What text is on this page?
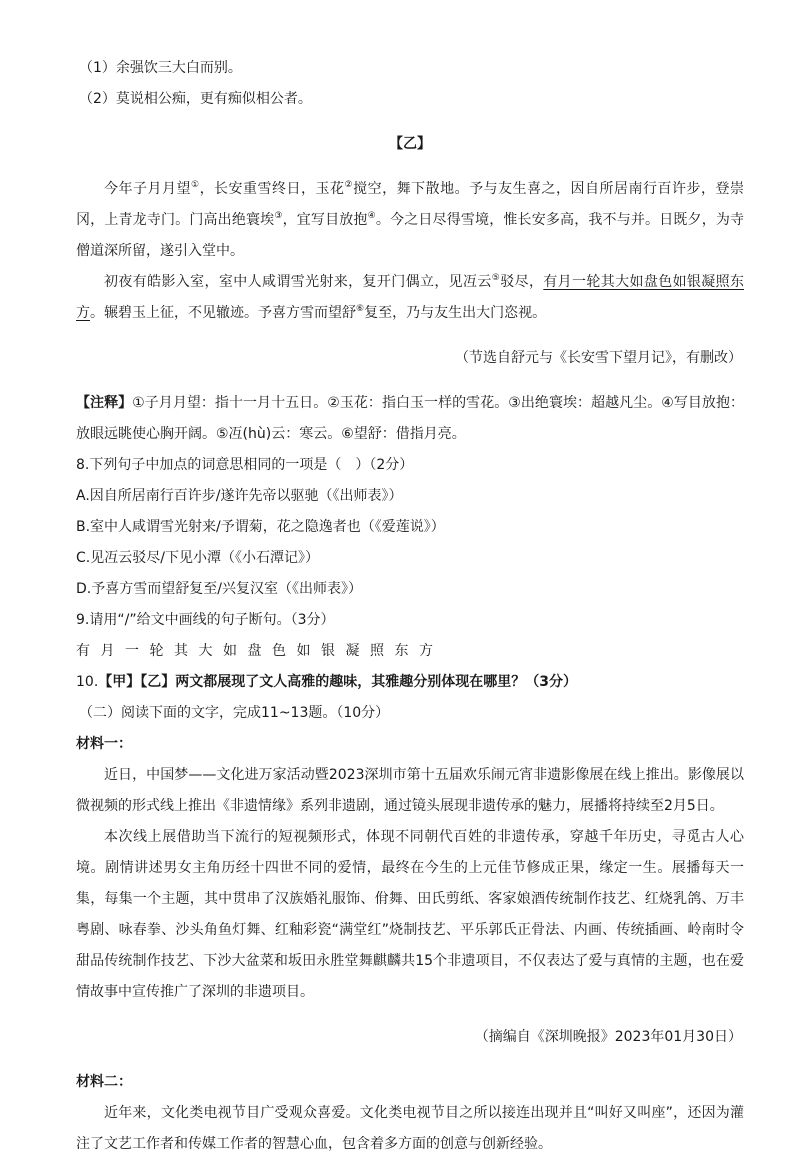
（1）余强饮三大白而别。

（2）莫说相公痴，更有痴似相公者。

【乙】

今年子月月望①，长安重雪终日，玉花②搅空，舞下散地。予与友生喜之，因自所居南行百许步，登崇冈，上青龙寺门。门高出绝寰埃③，宜写目放抱④。今之日尽得雪境，惟长安多高，我不与并。日既夕，为寺僧道深所留，遂引入堂中。

初夜有皓影入室，室中人咸谓雪光射来，复开门偶立，见冱云⑤驳尽，有月一轮其大如盘色如银凝照东方。辗碧玉上征，不见辙迹。予喜方雪而望舒⑥复至，乃与友生出大门恣视。

（节选自舒元与《长安雪下望月记》，有删改）

【注释】①子月月望：指十一月十五日。②玉花：指白玉一样的雪花。③出绝寰埃：超越凡尘。④写目放抱：放眼远眺使心胸开阔。⑤冱(hù)云：寒云。⑥望舒：借指月亮。

8.下列句子中加点的词意思相同的一项是（　）（2分）

A.因自所居南行百许步/遂许先帝以驱驰（《出师表》）

B.室中人咸谓雪光射来/予谓菊，花之隐逸者也（《爱莲说》）

C.见冱云驳尽/下见小潭（《小石潭记》）

D.予喜方雪而望舒复至/兴复汉室（《出师表》）

9.请用“/”给文中画线的句子断句。（3分）

有月一轮其大如盘色如银凝照东方

10.【甲】【乙】两文都展现了文人高雅的趣味，其雅趣分别体现在哪里？（3分）

（二）阅读下面的文字，完成11~13题。（10分）

材料一：

近日，中国梦——文化进万家活动暨2023深圳市第十五届欢乐闹元宵非遗影像展在线上推出。影像展以微视频的形式线上推出《非遗情缘》系列非遗剧，通过镜头展现非遗传承的魅力，展播将持续至2月5日。

本次线上展借助当下流行的短视频形式，体现不同朝代百姓的非遗传承，穿越千年历史，寻觅古人心境。剧情讲述男女主角历经十四世不同的爱情，最终在今生的上元佳节修成正果，缘定一生。展播每天一集，每集一个主题，其中贯串了汉族婚礼服饰、佾舞、田氏剪纸、客家娘酒传统制作技艺、红烧乳鸽、万丰粤剧、咏春拳、沙头角鱼灯舞、红釉彩瓷“满堂红”烧制技艺、平乐郭氏正骨法、内画、传统插画、岭南时令甜品传统制作技艺、下沙大盆菜和坂田永胜堂舞麒麟共15个非遗项目，不仅表达了爱与真情的主题，也在爱情故事中宣传推广了深圳的非遗项目。

（摘编自《深圳晚报》2023年01月30日）

材料二：

近年来，文化类电视节目广受观众喜爱。文化类电视节目之所以接连出现并且“叫好又叫座”，还因为灌注了文艺工作者和传媒工作者的智慧心血，包含着多方面的创意与创新经验。
